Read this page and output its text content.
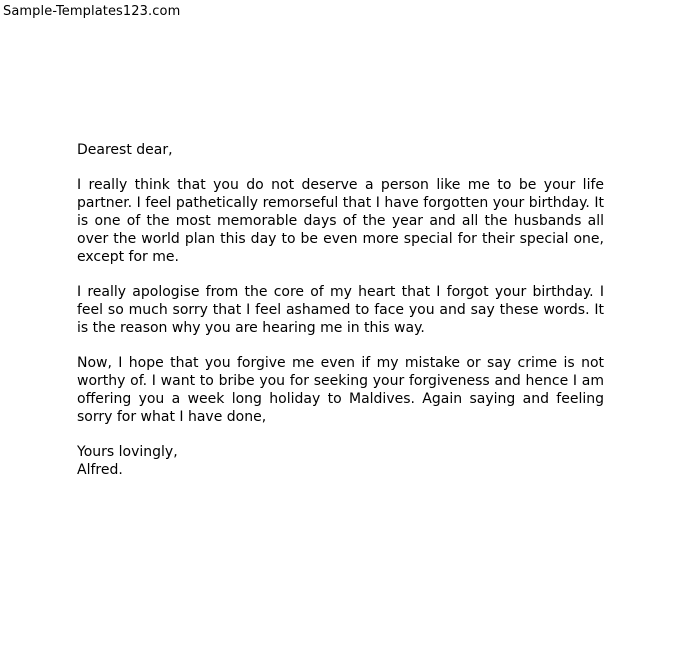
Sample-Templates123.com

Dearest dear,

I really think that you do not deserve a person like me to be your life partner. I feel pathetically remorseful that I have forgotten your birthday. It is one of the most memorable days of the year and all the husbands all over the world plan this day to be even more special for their special one, except for me.

I really apologise from the core of my heart that I forgot your birthday. I feel so much sorry that I feel ashamed to face you and say these words. It is the reason why you are hearing me in this way.

Now, I hope that you forgive me even if my mistake or say crime is not worthy of. I want to bribe you for seeking your forgiveness and hence I am offering you a week long holiday to Maldives. Again saying and feeling sorry for what I have done,

Yours lovingly,
Alfred.
